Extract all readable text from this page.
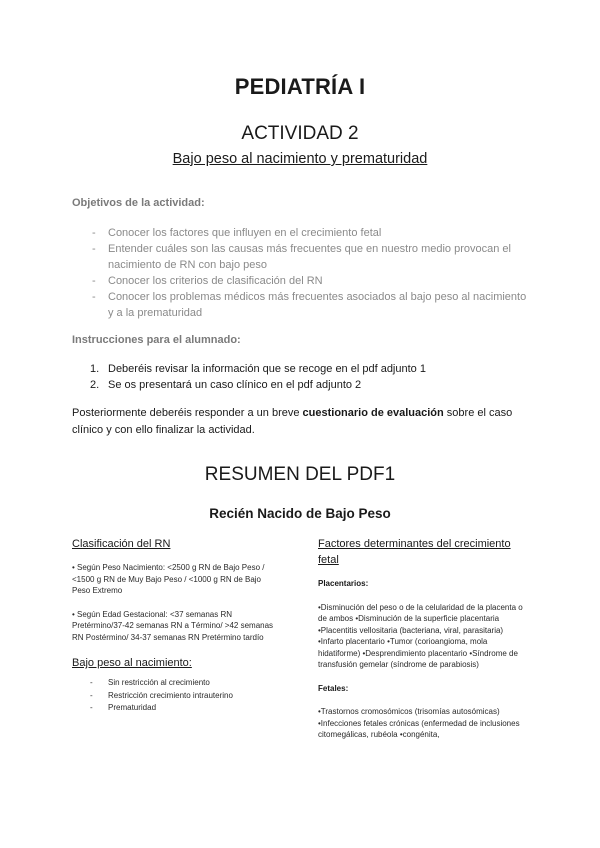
PEDIATRÍA I
ACTIVIDAD 2
Bajo peso al nacimiento y prematuridad
Objetivos de la actividad:
- Conocer los factores que influyen en el crecimiento fetal
- Entender cuáles son las causas más frecuentes que en nuestro medio provocan el nacimiento de RN con bajo peso
- Conocer los criterios de clasificación del RN
- Conocer los problemas médicos más frecuentes asociados al bajo peso al nacimiento y a la prematuridad
Instrucciones para el alumnado:
1. Deberéis revisar la información que se recoge en el pdf adjunto 1
2. Se os presentará un caso clínico en el pdf adjunto 2

Posteriormente deberéis responder a un breve cuestionario de evaluación sobre el caso clínico y con ello finalizar la actividad.

RESUMEN DEL PDF1
Recién Nacido de Bajo Peso
Clasificación del RN

• Según Peso Nacimiento: <2500 g RN de Bajo Peso / <1500 g RN de Muy Bajo Peso / <1000 g RN de Bajo Peso Extremo

• Según Edad Gestacional: <37 semanas RN Pretérmino/37-42 semanas RN a Término/ >42 semanas RN Postérmino/ 34-37 semanas RN Pretérmino tardío

Bajo peso al nacimiento:
- Sin restricción al crecimiento
- Restricción crecimiento intrauterino
- Prematuridad
Factores determinantes del crecimiento fetal

Placentarios:

•Disminución del peso o de la celularidad de la placenta o de ambos •Disminución de la superficie placentaria •Placentitis vellositaria (bacteriana, viral, parasitaria) •Infarto placentario •Tumor (corioangioma, mola hidatiforme) •Desprendimiento placentario •Síndrome de transfusión gemelar (síndrome de parabiosis)

Fetales:

•Trastornos cromosómicos (trisomías autosómicas) •Infecciones fetales crónicas (enfermedad de inclusiones citomegálicas, rubéola •congénita,
